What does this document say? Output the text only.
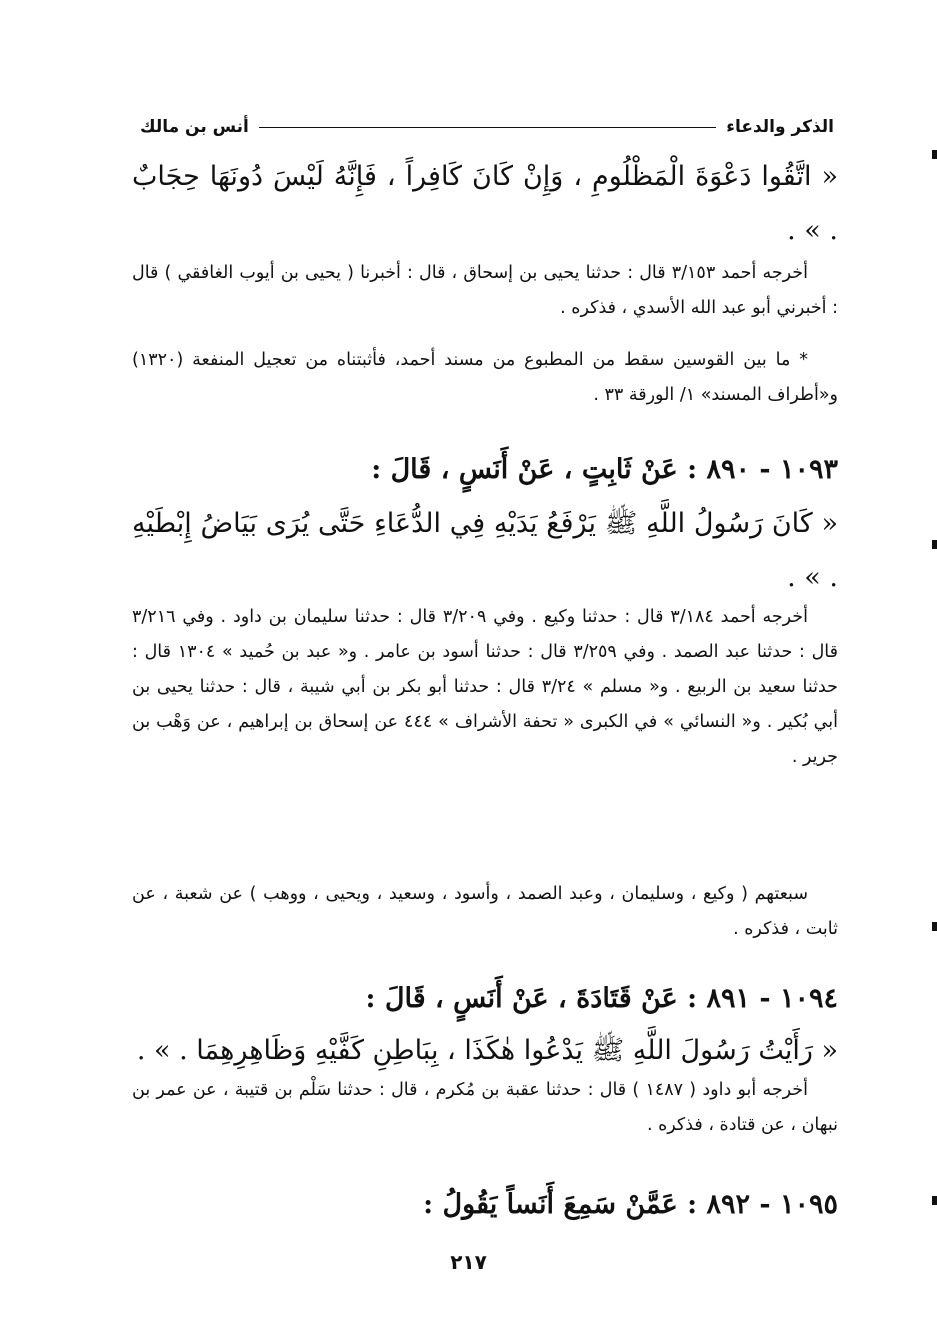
الذكر والدعاء
أنس بن مالك
« اتَّقُوا دَعْوَةَ الْمَظْلُومِ ، وَإِنْ كَانَ كَافِراً ، فَإِنَّهُ لَيْسَ دُونَهَا حِجَابٌ . » .
أخرجه أحمد ٣/١٥٣ قال : حدثنا يحيى بن إسحاق ، قال : أخبرنا ( يحيى بن أيوب الغافقي ) قال : أخبرني أبو عبد الله الأسدي ، فذكره .
* ما بين القوسين سقط من المطبوع من مسند أحمد، فأثبتناه من تعجيل المنفعة (١٣٢٠) و«أطراف المسند» ١/ الورقة ٣٣ .
١٠٩٣ - ٨٩٠ : عَنْ ثَابِتٍ ، عَنْ أَنَسٍ ، قَالَ :
« كَانَ رَسُولُ اللَّهِ ﷺ يَرْفَعُ يَدَيْهِ فِي الدُّعَاءِ حَتَّى يُرَى بَيَاضُ إِبْطَيْهِ . » .
أخرجه أحمد ٣/١٨٤ قال : حدثنا وكيع . وفي ٣/٢٠٩ قال : حدثنا سليمان بن داود . وفي ٣/٢١٦ قال : حدثنا عبد الصمد . وفي ٣/٢٥٩ قال : حدثنا أسود بن عامر . و« عبد بن حُميد » ١٣٠٤ قال : حدثنا سعيد بن الربيع . و« مسلم » ٣/٢٤ قال : حدثنا أبو بكر بن أبي شيبة ، قال : حدثنا يحيى بن أبي بُكير . و« النسائي » في الكبرى « تحفة الأشراف » ٤٤٤ عن إسحاق بن إبراهيم ، عن وَهْب بن جرير .
سبعتهم ( وكيع ، وسليمان ، وعبد الصمد ، وأسود ، وسعيد ، ويحيى ، ووهب ) عن شعبة ، عن ثابت ، فذكره .
١٠٩٤ - ٨٩١ : عَنْ قَتَادَةَ ، عَنْ أَنَسٍ ، قَالَ :
« رَأَيْتُ رَسُولَ اللَّهِ ﷺ يَدْعُوا هٰكَذَا ، بِبَاطِنِ كَفَّيْهِ وَظَاهِرِهِمَا . » .
أخرجه أبو داود ( ١٤٨٧ ) قال : حدثنا عقبة بن مُكرم ، قال : حدثنا سَلْم بن قتيبة ، عن عمر بن نبهان ، عن قتادة ، فذكره .
١٠٩٥ - ٨٩٢ : عَمَّنْ سَمِعَ أَنَساً يَقُولُ :
٢١٧
